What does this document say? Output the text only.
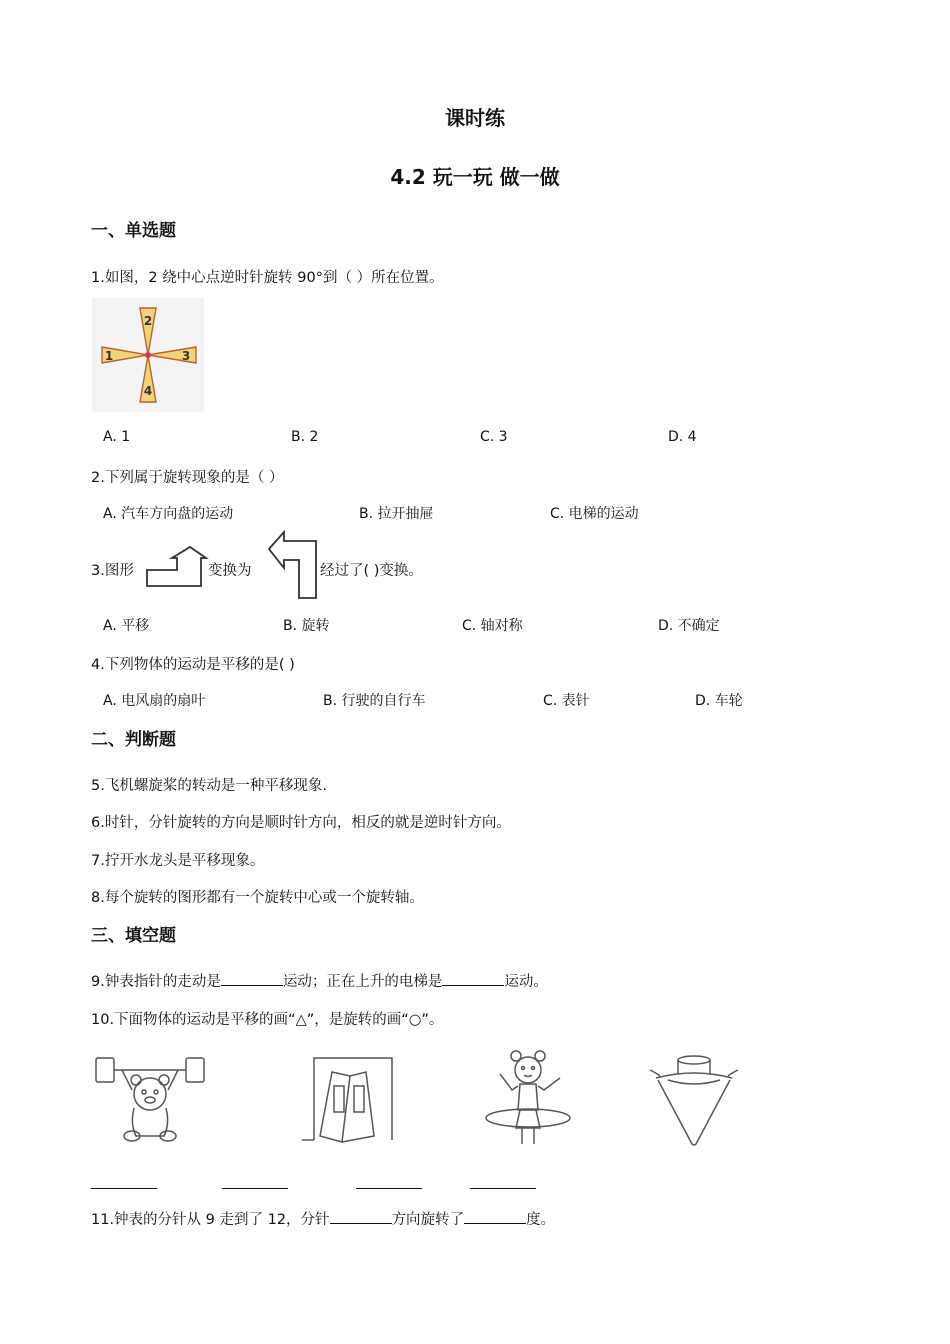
课时练
4.2 玩一玩 做一做
一、单选题
1.如图，2 绕中心点逆时针旋转 90°到（ ）所在位置。
2
1	3
4
A. 1	B. 2	C. 3	D. 4
2.下列属于旋转现象的是（ ）
A. 汽车方向盘的运动	B. 拉开抽屉	C. 电梯的运动
3.图形	变换为	经过了( )变换。
A. 平移	B. 旋转	C. 轴对称	D. 不确定
4.下列物体的运动是平移的是( )
A. 电风扇的扇叶	B. 行驶的自行车	C. 表针	D. 车轮
二、判断题
5.飞机螺旋桨的转动是一种平移现象.
6.时针，分针旋转的方向是顺时针方向，相反的就是逆时针方向。
7.拧开水龙头是平移现象。
8.每个旋转的图形都有一个旋转中心或一个旋转轴。
三、填空题
9.钟表指针的走动是	运动；正在上升的电梯是	运动。
10.下面物体的运动是平移的画“△”，是旋转的画“○”。
11.钟表的分针从 9 走到了 12，分针	方向旋转了	度。
